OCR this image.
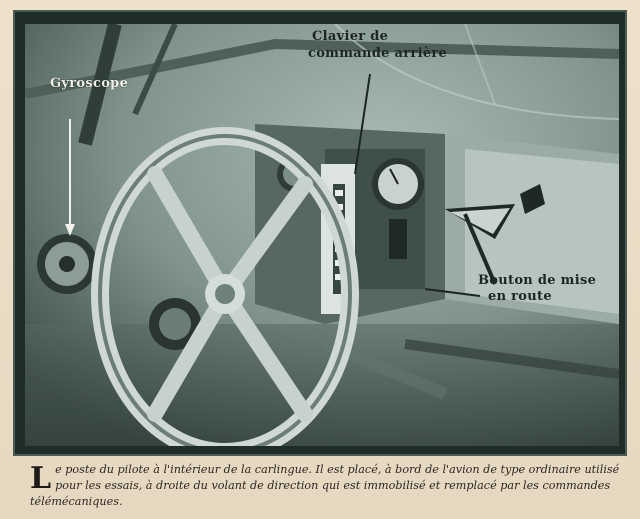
Gyroscope
Clavier de
commande arrière
Bouton de mise
en route
Le poste du pilote à l'intérieur de la carlingue. Il est placé, à bord de l'avion de type ordinaire utilisé pour les essais, à droite du volant de direction qui est immobilisé et remplacé par les commandes télémécaniques.
